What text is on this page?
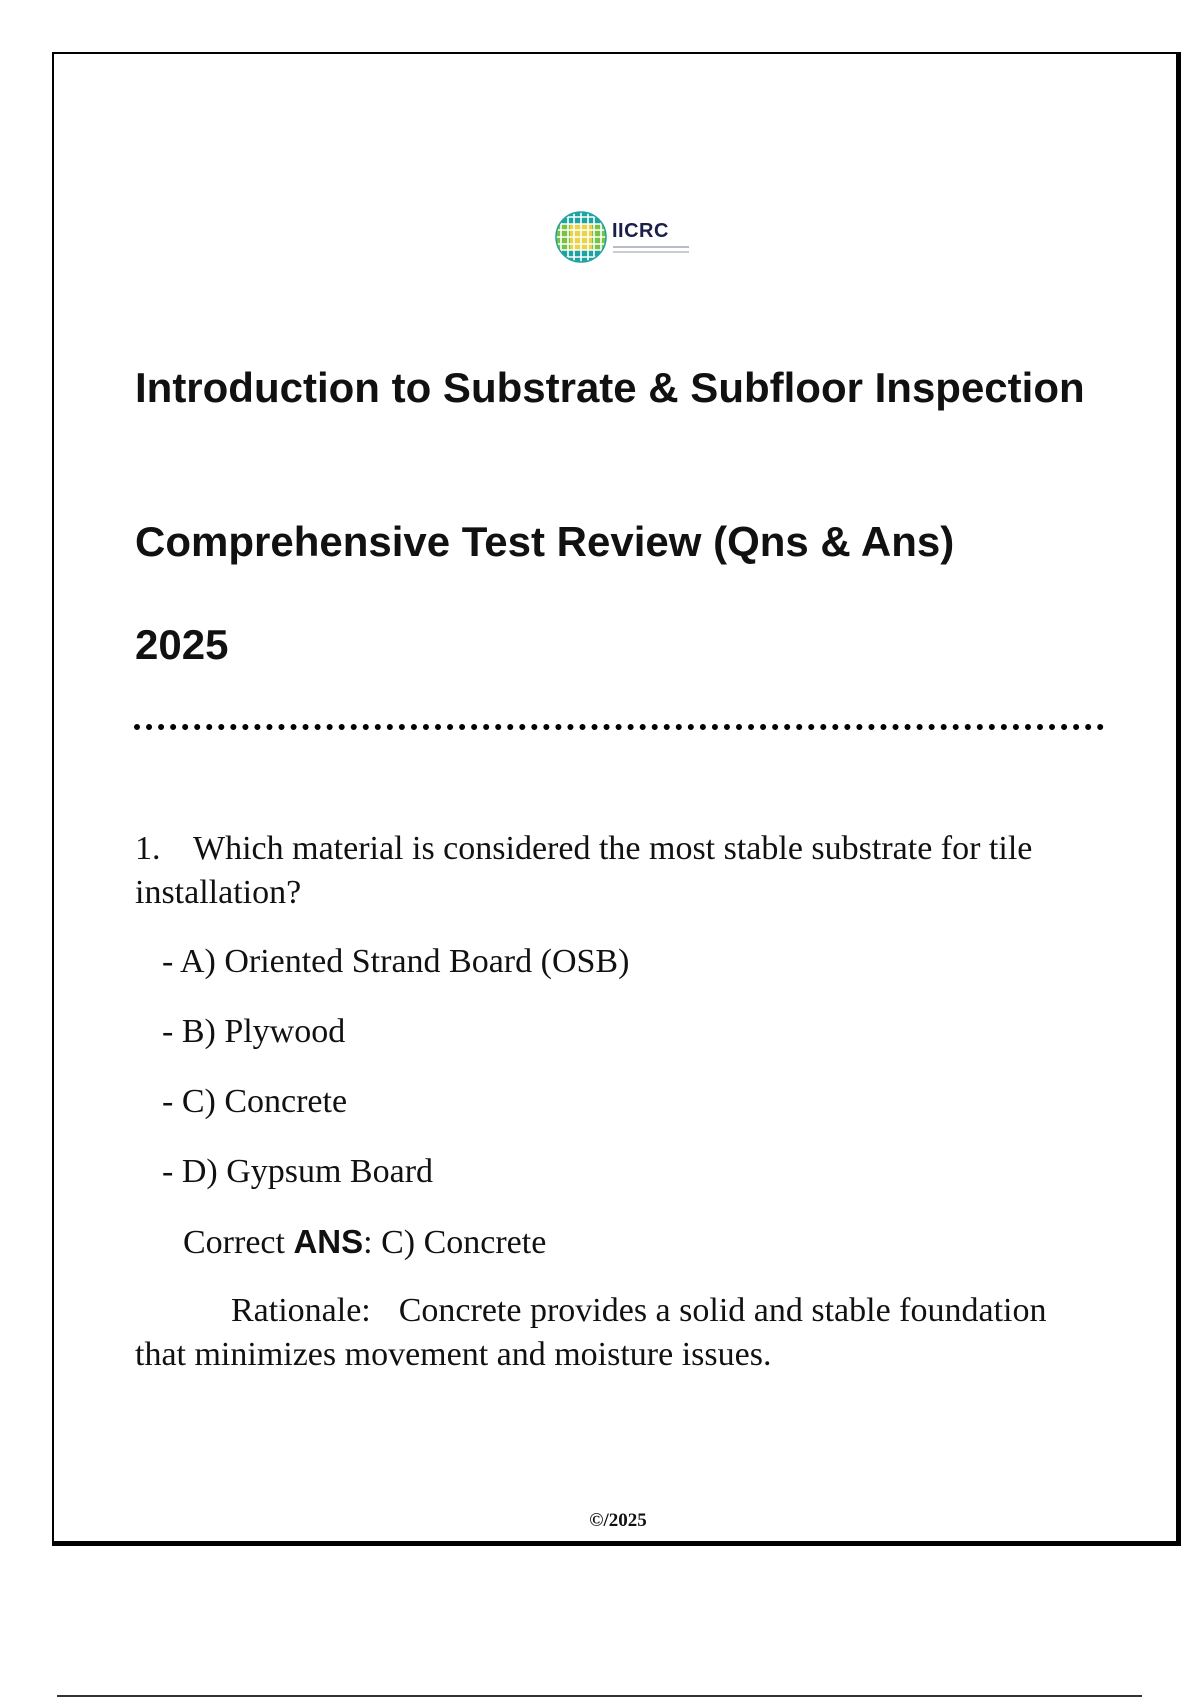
IICRC
Introduction to Substrate & Subfloor Inspection
Comprehensive Test Review (Qns & Ans)
2025

1. Which material is considered the most stable substrate for tile installation?

- A) Oriented Strand Board (OSB)

- B) Plywood

- C) Concrete

- D) Gypsum Board

Correct ANS: C) Concrete

Rationale: Concrete provides a solid and stable foundation that minimizes movement and moisture issues.

©/2025
